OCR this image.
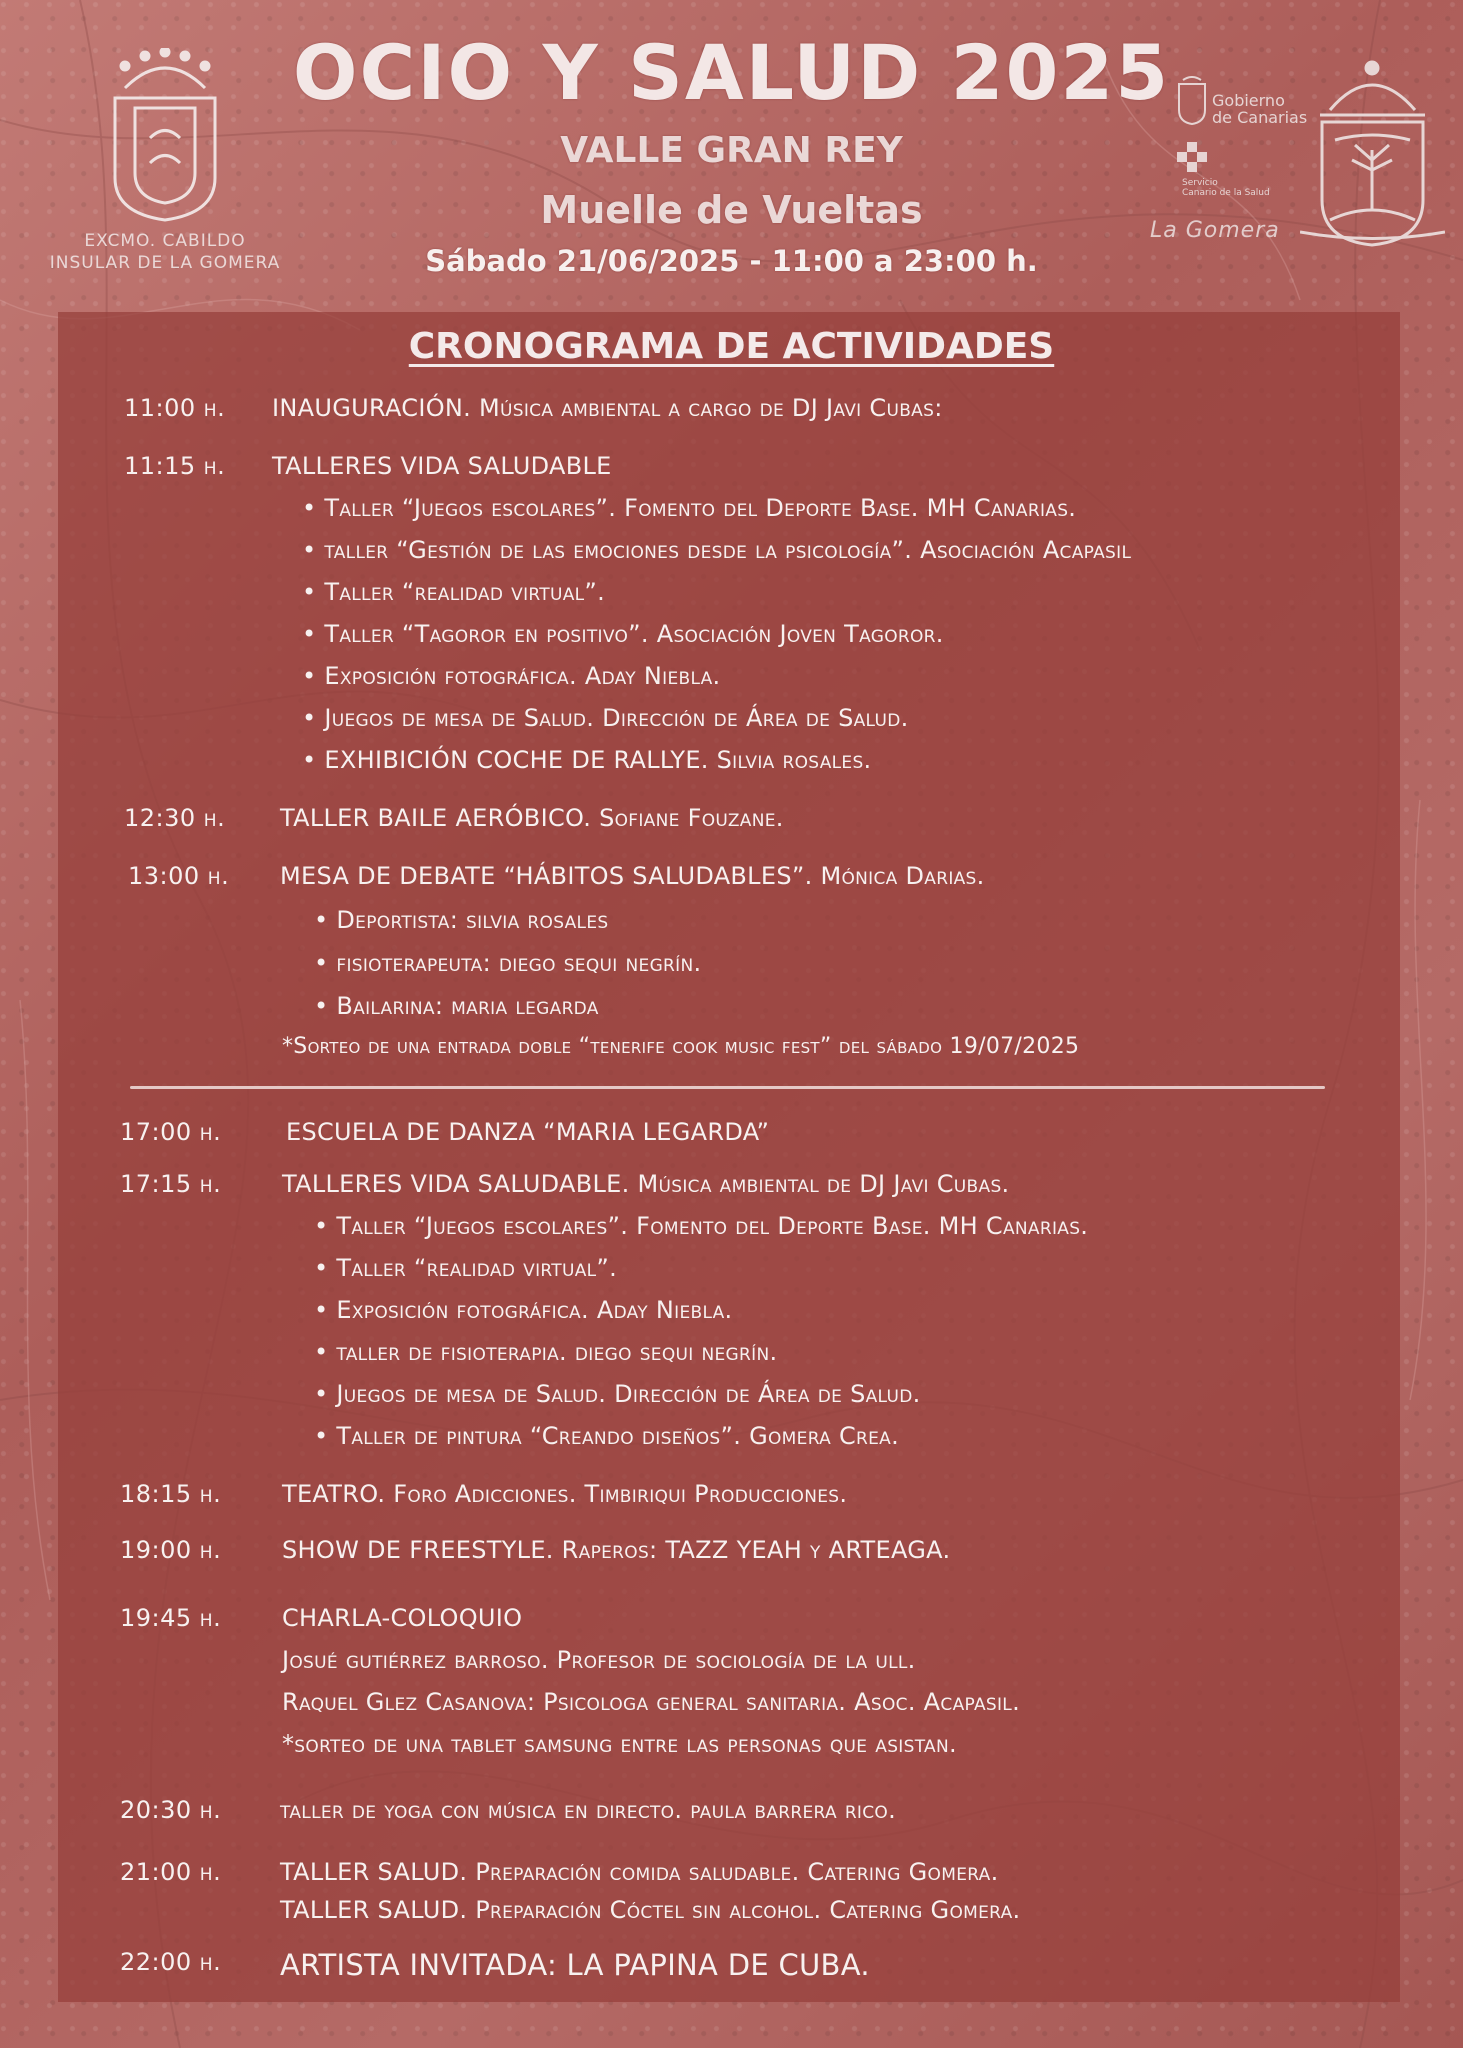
EXCMO. CABILDO
INSULAR DE LA GOMERA
OCIO Y SALUD 2025
VALLE GRAN REY
Muelle de Vueltas
Sábado 21/06/2025 - 11:00 a 23:00 h.
Gobierno
de Canarias
Servicio
Canario de la Salud
La Gomera
CRONOGRAMA DE ACTIVIDADES
11:00 h. INAUGURACIÓN. Música ambiental a cargo de DJ Javi Cubas:
11:15 h. TALLERES VIDA SALUDABLE
• Taller “Juegos escolares”. Fomento del Deporte Base. MH Canarias.
• taller “Gestión de las emociones desde la psicología”. Asociación Acapasil
• Taller “realidad virtual”.
• Taller “Tagoror en positivo”. Asociación Joven Tagoror.
• Exposición fotográfica. Aday Niebla.
• Juegos de mesa de Salud. Dirección de Área de Salud.
• EXHIBICIÓN COCHE DE RALLYE. Silvia rosales.
12:30 h. TALLER BAILE AERÓBICO. Sofiane Fouzane.
13:00 h. MESA DE DEBATE “HÁBITOS SALUDABLES”. Mónica Darias.
• Deportista: silvia rosales
• fisioterapeuta: diego sequi negrín.
• Bailarina: maria legarda
*Sorteo de una entrada doble “tenerife cook music fest” del sábado 19/07/2025
17:00 h.	ESCUELA DE DANZA “MARIA LEGARDA”
17:15 h.	TALLERES VIDA SALUDABLE. Música ambiental de DJ Javi Cubas.
• Taller “Juegos escolares”. Fomento del Deporte Base. MH Canarias.
• Taller “realidad virtual”.
• Exposición fotográfica. Aday Niebla.
• taller de fisioterapia. diego sequi negrín.
• Juegos de mesa de Salud. Dirección de Área de Salud.
• Taller de pintura “Creando diseños”. Gomera Crea.
18:15 h.	TEATRO. Foro Adicciones. Timbiriqui Producciones.
19:00 h.	SHOW DE FREESTYLE. Raperos: TAZZ YEAH y ARTEAGA.
19:45 h.	CHARLA-COLOQUIO
Josué gutiérrez barroso. Profesor de sociología de la ull.
Raquel Glez Casanova: Psicologa general sanitaria. Asoc. Acapasil.
*sorteo de una tablet samsung entre las personas que asistan.
20:30 h. taller de yoga con música en directo. paula barrera rico.
21:00 h. TALLER SALUD. Preparación comida saludable. Catering Gomera.
TALLER SALUD. Preparación Cóctel sin alcohol. Catering Gomera.
22:00 h. ARTISTA INVITADA: LA PAPINA DE CUBA.
